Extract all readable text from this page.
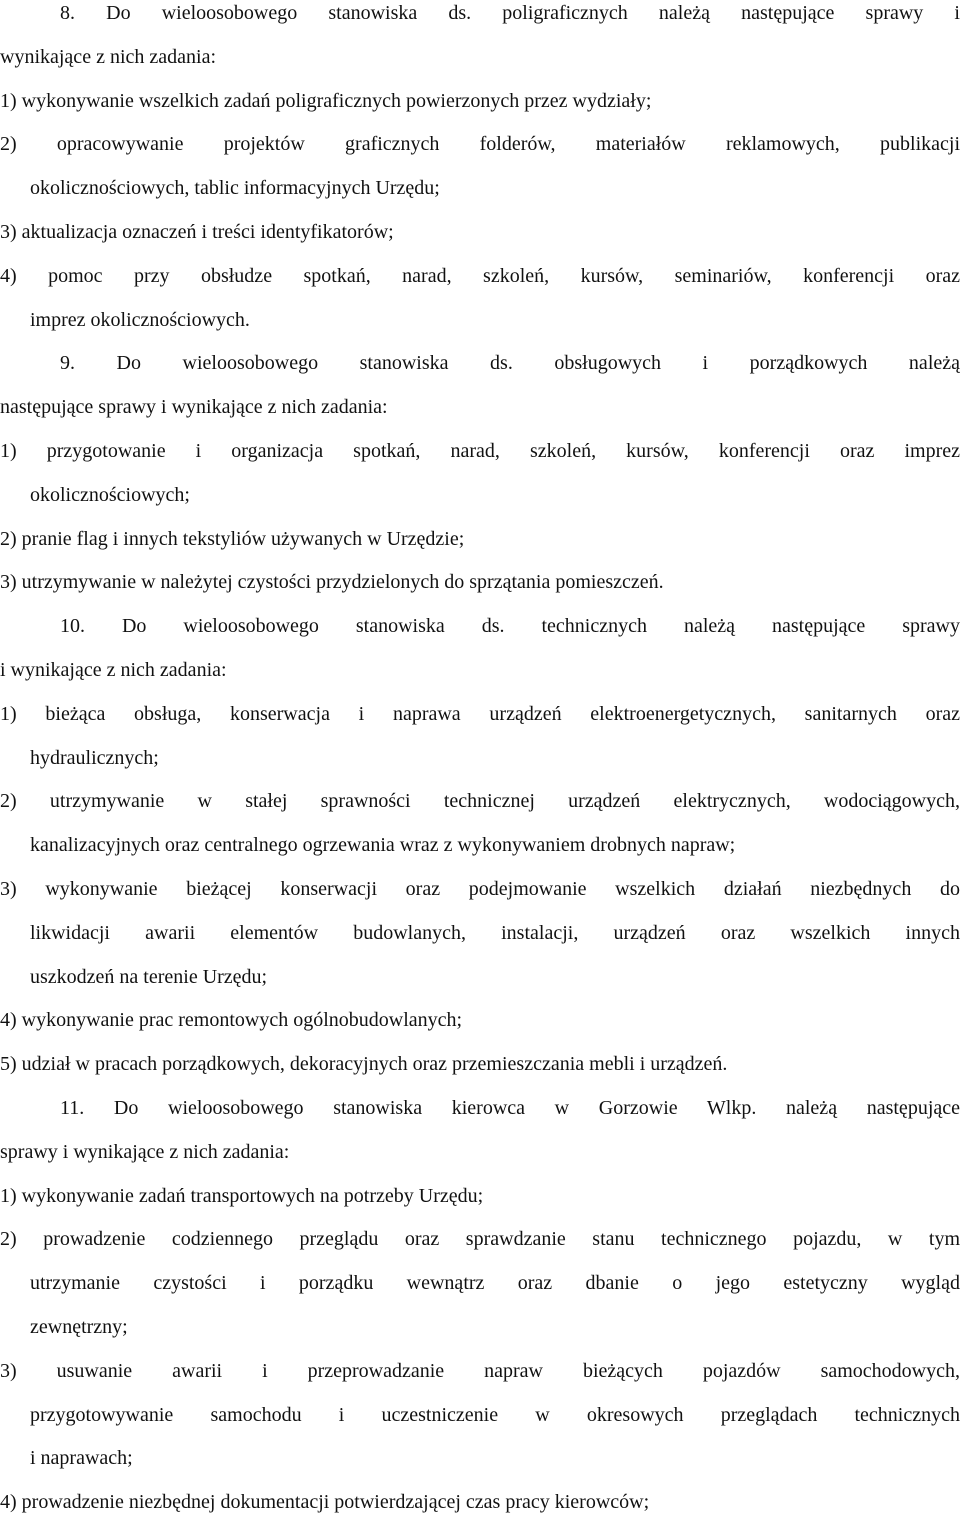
8. Do wieloosobowego stanowiska ds. poligraficznych należą następujące sprawy i
wynikające z nich zadania:
1) wykonywanie wszelkich zadań poligraficznych powierzonych przez wydziały;
2) opracowywanie projektów graficznych folderów, materiałów reklamowych, publikacji
okolicznościowych, tablic informacyjnych Urzędu;
3) aktualizacja oznaczeń i treści identyfikatorów;
4) pomoc przy obsłudze spotkań, narad, szkoleń, kursów, seminariów, konferencji oraz
imprez okolicznościowych.
9. Do wieloosobowego stanowiska ds. obsługowych i porządkowych należą
następujące sprawy i wynikające z nich zadania:
1) przygotowanie i organizacja spotkań, narad, szkoleń, kursów, konferencji oraz imprez
okolicznościowych;
2) pranie flag i innych tekstyliów używanych w Urzędzie;
3) utrzymywanie w należytej czystości przydzielonych do sprzątania pomieszczeń.
10. Do wieloosobowego stanowiska ds. technicznych należą następujące sprawy
i wynikające z nich zadania:
1) bieżąca obsługa, konserwacja i naprawa urządzeń elektroenergetycznych, sanitarnych oraz
hydraulicznych;
2) utrzymywanie w stałej sprawności technicznej urządzeń elektrycznych, wodociągowych,
kanalizacyjnych oraz centralnego ogrzewania wraz z wykonywaniem drobnych napraw;
3) wykonywanie bieżącej konserwacji oraz podejmowanie wszelkich działań niezbędnych do
likwidacji awarii elementów budowlanych, instalacji, urządzeń oraz wszelkich innych
uszkodzeń na terenie Urzędu;
4) wykonywanie prac remontowych ogólnobudowlanych;
5) udział w pracach porządkowych, dekoracyjnych oraz przemieszczania mebli i urządzeń.
11. Do wieloosobowego stanowiska kierowca w Gorzowie Wlkp. należą następujące
sprawy i wynikające z nich zadania:
1) wykonywanie zadań transportowych na potrzeby Urzędu;
2) prowadzenie codziennego przeglądu oraz sprawdzanie stanu technicznego pojazdu, w tym
utrzymanie czystości i porządku wewnątrz oraz dbanie o jego estetyczny wygląd
zewnętrzny;
3) usuwanie awarii i przeprowadzanie napraw bieżących pojazdów samochodowych,
przygotowywanie samochodu i uczestniczenie w okresowych przeglądach technicznych
i naprawach;
4) prowadzenie niezbędnej dokumentacji potwierdzającej czas pracy kierowców;
